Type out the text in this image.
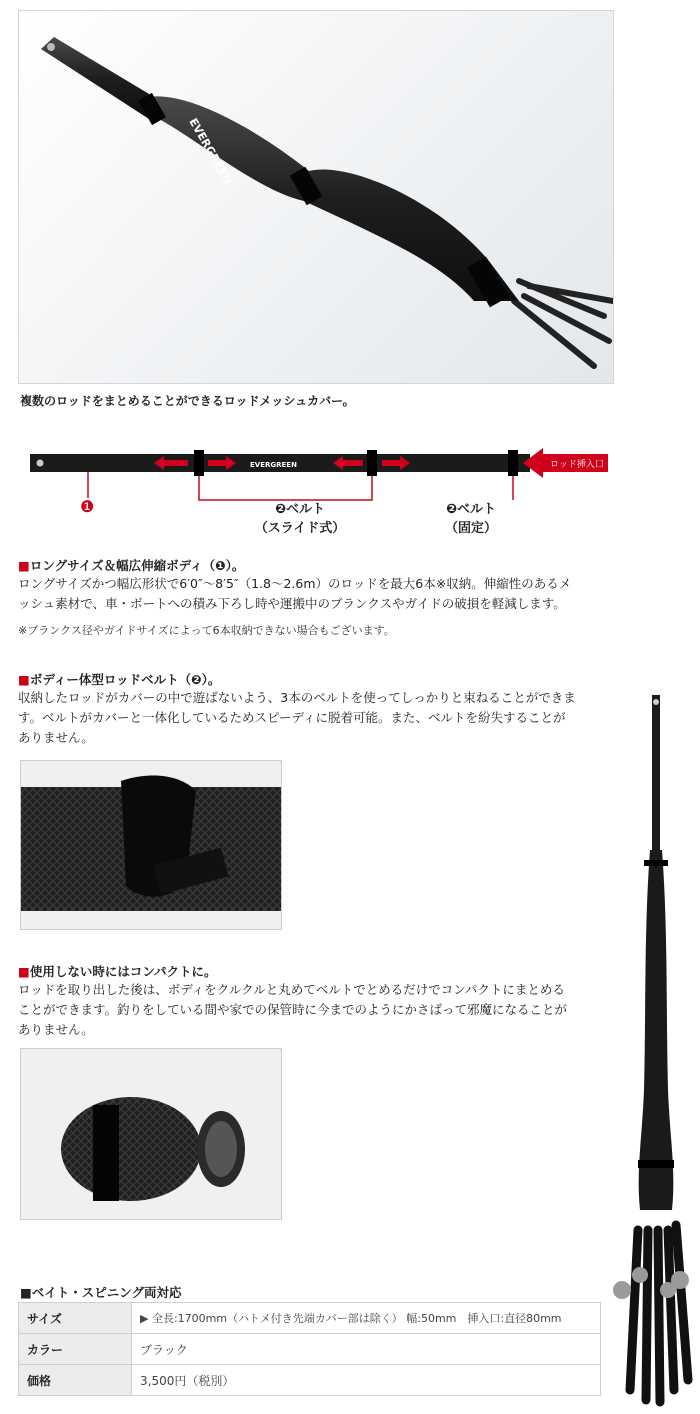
EVERGREEN
複数のロッドをまとめることができるロッドメッシュカバー。
ロッド挿入口
EVERGREEN
❶	❷ベルト
（スライド式）
❷ベルト
（固定）
■ロングサイズ＆幅広伸縮ボディ（❶）。
ロングサイズかつ幅広形状で6′0″～8′5″（1.8～2.6m）のロッドを最大6本※収納。伸縮性のあるメ
ッシュ素材で、車・ボートへの積み下ろし時や運搬中のブランクスやガイドの破損を軽減します。
※ブランクス径やガイドサイズによって6本収納できない場合もございます。
■ボディー体型ロッドベルト（❷）。
収納したロッドがカバーの中で遊ばないよう、3本のベルトを使ってしっかりと束ねることができま
す。ベルトがカバーと一体化しているためスピーディに脱着可能。また、ベルトを紛失することが
ありません。
■使用しない時にはコンパクトに。
ロッドを取り出した後は、ボディをクルクルと丸めてベルトでとめるだけでコンパクトにまとめる
ことができます。釣りをしている間や家での保管時に今までのようにかさばって邪魔になることが
ありません。
■ベイト・スピニング両対応
サイズ	▶ 全長:1700mm（ハトメ付き先端カバー部は除く） 幅:50mm　挿入口:直径80mm
カラー	ブラック
価格	3,500円（税別）
